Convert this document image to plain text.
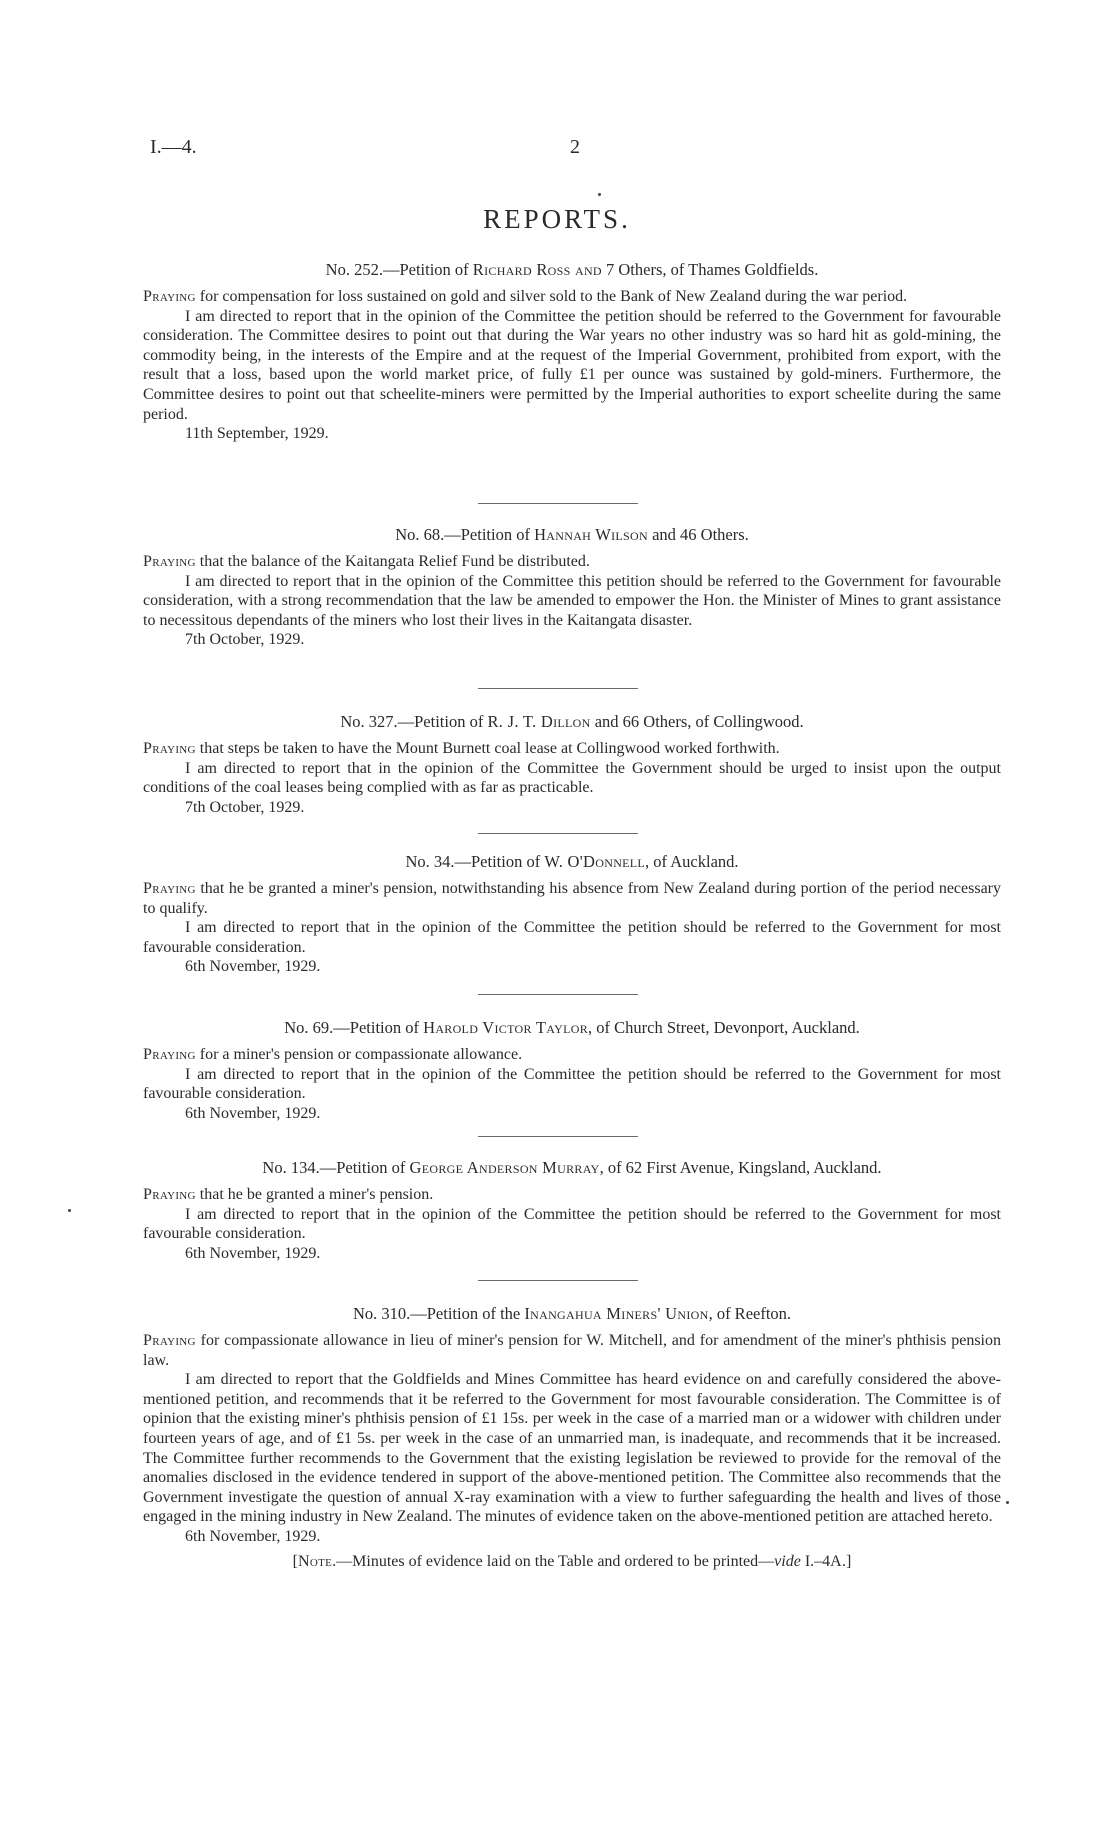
I.—4.	2
REPORTS.
No. 252.—Petition of Richard Ross and 7 Others, of Thames Goldfields.
Praying for compensation for loss sustained on gold and silver sold to the Bank of New Zealand during the war period.
I am directed to report that in the opinion of the Committee the petition should be referred to the Government for favourable consideration. The Committee desires to point out that during the War years no other industry was so hard hit as gold-mining, the commodity being, in the interests of the Empire and at the request of the Imperial Government, prohibited from export, with the result that a loss, based upon the world market price, of fully £1 per ounce was sustained by gold-miners. Furthermore, the Committee desires to point out that scheelite-miners were permitted by the Imperial authorities to export scheelite during the same period.
11th September, 1929.
No. 68.—Petition of Hannah Wilson and 46 Others.
Praying that the balance of the Kaitangata Relief Fund be distributed.
I am directed to report that in the opinion of the Committee this petition should be referred to the Government for favourable consideration, with a strong recommendation that the law be amended to empower the Hon. the Minister of Mines to grant assistance to necessitous dependants of the miners who lost their lives in the Kaitangata disaster.
7th October, 1929.
No. 327.—Petition of R. J. T. Dillon and 66 Others, of Collingwood.
Praying that steps be taken to have the Mount Burnett coal lease at Collingwood worked forthwith.
I am directed to report that in the opinion of the Committee the Government should be urged to insist upon the output conditions of the coal leases being complied with as far as practicable.
7th October, 1929.
No. 34.—Petition of W. O'Donnell, of Auckland.
Praying that he be granted a miner's pension, notwithstanding his absence from New Zealand during portion of the period necessary to qualify.
I am directed to report that in the opinion of the Committee the petition should be referred to the Government for most favourable consideration.
6th November, 1929.
No. 69.—Petition of Harold Victor Taylor, of Church Street, Devonport, Auckland.
Praying for a miner's pension or compassionate allowance.
I am directed to report that in the opinion of the Committee the petition should be referred to the Government for most favourable consideration.
6th November, 1929.
No. 134.—Petition of George Anderson Murray, of 62 First Avenue, Kingsland, Auckland.
Praying that he be granted a miner's pension.
I am directed to report that in the opinion of the Committee the petition should be referred to the Government for most favourable consideration.
6th November, 1929.
No. 310.—Petition of the Inangahua Miners' Union, of Reefton.
Praying for compassionate allowance in lieu of miner's pension for W. Mitchell, and for amendment of the miner's phthisis pension law.
I am directed to report that the Goldfields and Mines Committee has heard evidence on and carefully considered the above-mentioned petition, and recommends that it be referred to the Government for most favourable consideration. The Committee is of opinion that the existing miner's phthisis pension of £1 15s. per week in the case of a married man or a widower with children under fourteen years of age, and of £1 5s. per week in the case of an unmarried man, is inadequate, and recommends that it be increased. The Committee further recommends to the Government that the existing legislation be reviewed to provide for the removal of the anomalies disclosed in the evidence tendered in support of the above-mentioned petition. The Committee also recommends that the Government investigate the question of annual X-ray examination with a view to further safeguarding the health and lives of those engaged in the mining industry in New Zealand. The minutes of evidence taken on the above-mentioned petition are attached hereto.
6th November, 1929.
[Note.—Minutes of evidence laid on the Table and ordered to be printed—vide I.–4A.]
